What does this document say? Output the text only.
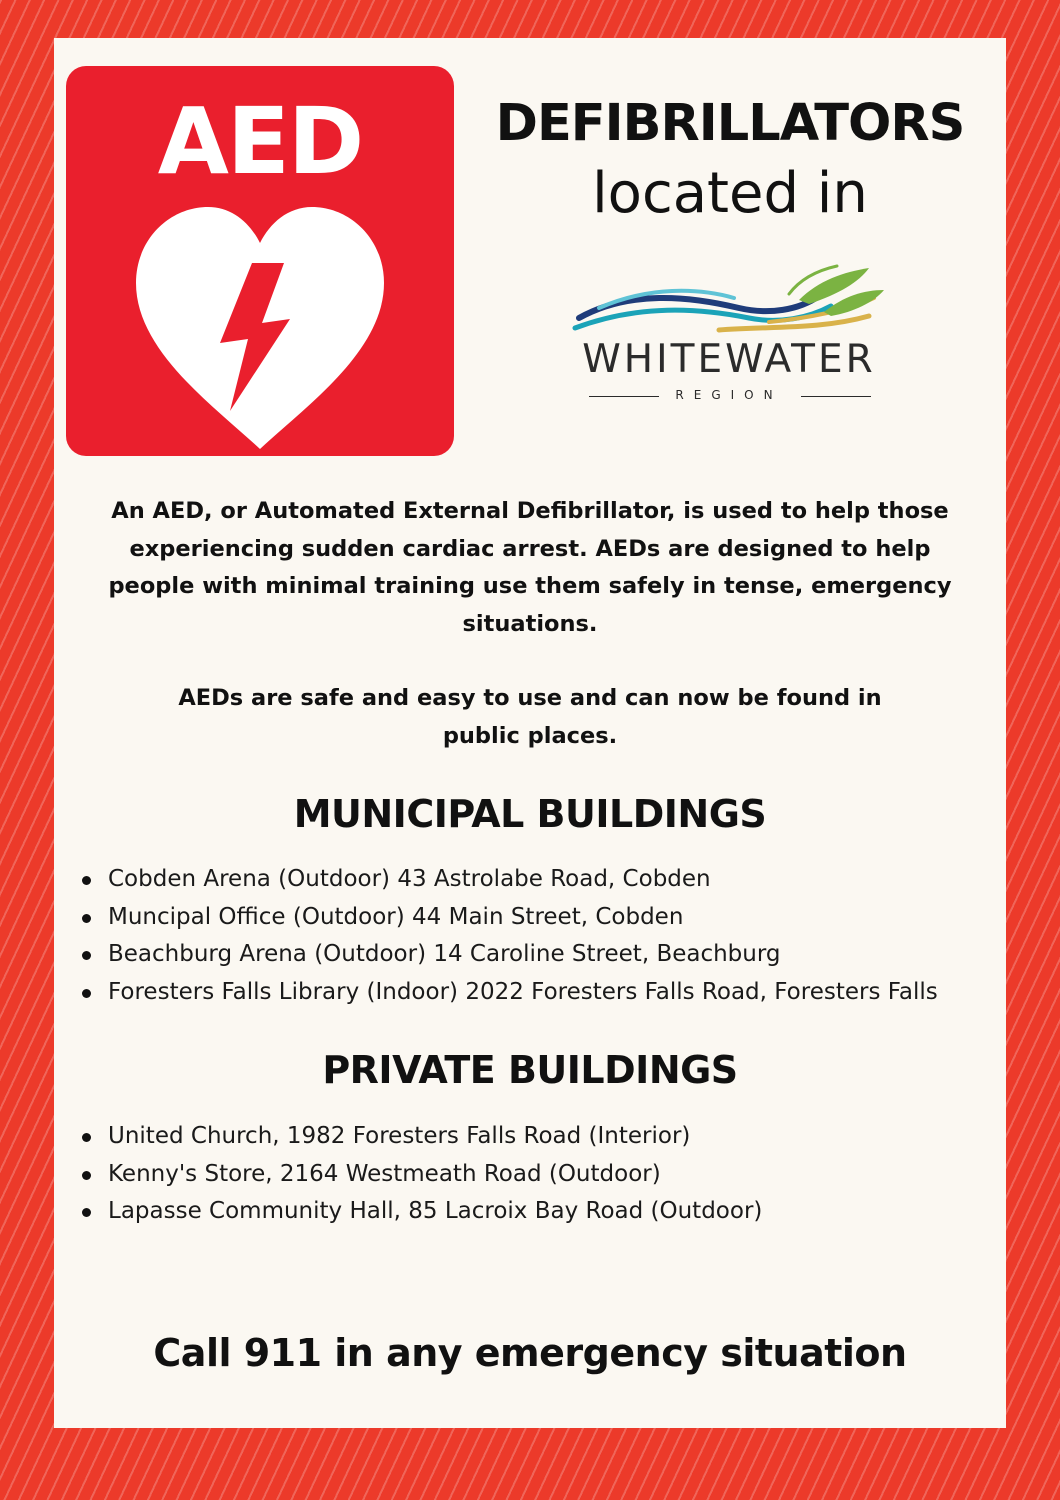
AED	DEFIBRILLATORS
located in
WHITEWATER
REGION

An AED, or Automated External Defibrillator, is used to help those experiencing sudden cardiac arrest. AEDs are designed to help people with minimal training use them safely in tense, emergency situations.

AEDs are safe and easy to use and can now be found in public places.

MUNICIPAL BUILDINGS
Cobden Arena (Outdoor) 43 Astrolabe Road, Cobden
Muncipal Office (Outdoor) 44 Main Street, Cobden
Beachburg Arena (Outdoor) 14 Caroline Street, Beachburg
Foresters Falls Library (Indoor) 2022 Foresters Falls Road, Foresters Falls
PRIVATE BUILDINGS
United Church, 1982 Foresters Falls Road (Interior)
Kenny's Store, 2164 Westmeath Road (Outdoor)
Lapasse Community Hall, 85 Lacroix Bay Road (Outdoor)
Call 911 in any emergency situation
